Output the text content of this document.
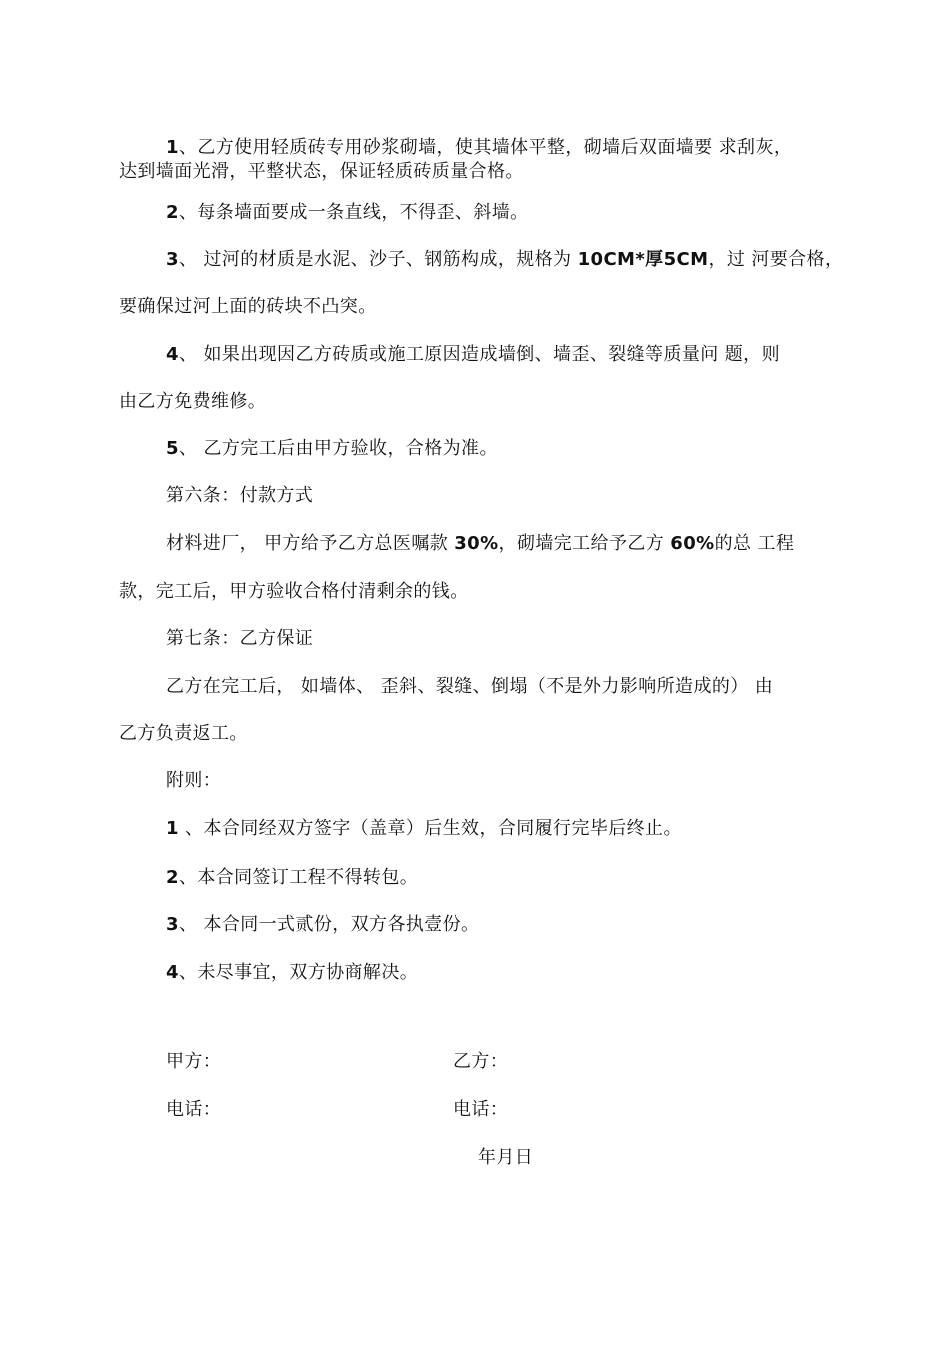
1、乙方使用轻质砖专用砂浆砌墙，使其墙体平整，砌墙后双面墙要 求刮灰，
达到墙面光滑，平整状态，保证轻质砖质量合格。
2、每条墙面要成一条直线，不得歪、斜墙。
3、 过河的材质是水泥、沙子、钢筋构成，规格为 10CM*厚5CM，过 河要合格，
要确保过河上面的砖块不凸突。
4、 如果出现因乙方砖质或施工原因造成墙倒、墙歪、裂缝等质量问 题，则
由乙方免费维修。
5、 乙方完工后由甲方验收，合格为准。
第六条：付款方式
材料进厂， 甲方给予乙方总医嘱款 30%，砌墙完工给予乙方 60%的总 工程
款，完工后，甲方验收合格付清剩余的钱。
第七条：乙方保证
乙方在完工后， 如墙体、 歪斜、裂缝、倒塌（不是外力影响所造成的） 由
乙方负责返工。
附则：
1 、本合同经双方签字（盖章）后生效，合同履行完毕后终止。
2、本合同签订工程不得转包。
3、 本合同一式贰份，双方各执壹份。
4、未尽事宜，双方协商解决。
甲方：	乙方：
电话：	电话：
年月日
